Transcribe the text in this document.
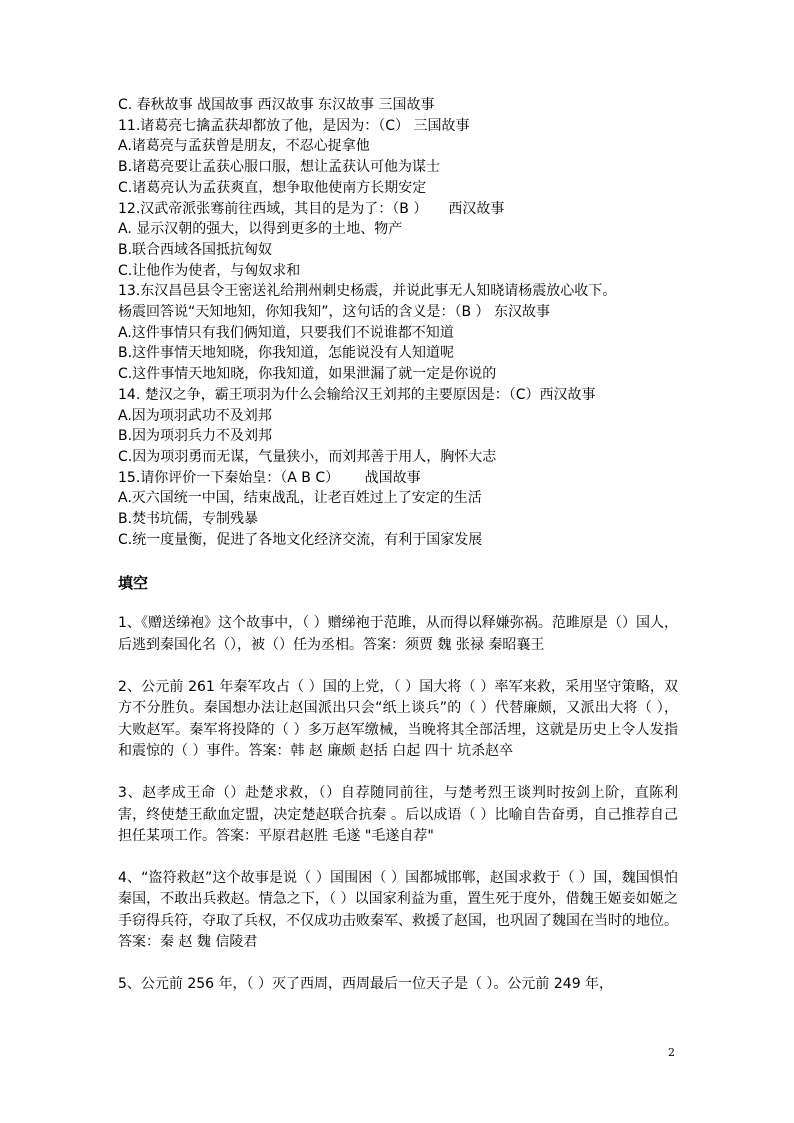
C. 春秋故事 战国故事 西汉故事 东汉故事 三国故事
11.诸葛亮七擒孟获却都放了他，是因为：（C） 三国故事
A.诸葛亮与孟获曾是朋友，不忍心捉拿他
B.诸葛亮要让孟获心服口服，想让孟获认可他为谋士
C.诸葛亮认为孟获爽直，想争取他使南方长期安定
12.汉武帝派张骞前往西域，其目的是为了：（B ）　　西汉故事
A. 显示汉朝的强大，以得到更多的土地、物产
B.联合西域各国抵抗匈奴
C.让他作为使者，与匈奴求和
13.东汉昌邑县令王密送礼给荆州刺史杨震，并说此事无人知晓请杨震放心收下。
杨震回答说“天知地知，你知我知”，这句话的含义是：（B ） 东汉故事
A.这件事情只有我们俩知道，只要我们不说谁都不知道
B.这件事情天地知晓，你我知道，怎能说没有人知道呢
C.这件事情天地知晓，你我知道，如果泄漏了就一定是你说的
14. 楚汉之争，霸王项羽为什么会输给汉王刘邦的主要原因是：（C）西汉故事
A.因为项羽武功不及刘邦
B.因为项羽兵力不及刘邦
C.因为项羽勇而无谋，气量狭小，而刘邦善于用人，胸怀大志
15.请你评价一下秦始皇：（A B C）　　 战国故事
A.灭六国统一中国，结束战乱，让老百姓过上了安定的生活
B.焚书坑儒，专制残暴
C.统一度量衡，促进了各地文化经济交流，有利于国家发展
填空
1、《赠送绨袍》这个故事中，（ ）赠绨袍于范雎，从而得以释嫌弥祸。范雎原是（）国人，后逃到秦国化名（），被（）任为丞相。答案：须贾 魏 张禄 秦昭襄王
2、公元前 261 年秦军攻占（ ）国的上党，（ ）国大将（ ）率军来救，采用坚守策略，双方不分胜负。秦国想办法让赵国派出只会“纸上谈兵”的（ ）代替廉颇，又派出大将（ ），大败赵军。秦军将投降的（ ）多万赵军缴械，当晚将其全部活埋，这就是历史上令人发指和震惊的（ ）事件。答案：韩 赵 廉颇 赵括 白起 四十 坑杀赵卒
3、赵孝成王命（）赴楚求救，（）自荐随同前往，与楚考烈王谈判时按剑上阶，直陈利害，终使楚王歃血定盟，决定楚赵联合抗秦 。后以成语（ ）比喻自告奋勇，自己推荐自己担任某项工作。答案：平原君赵胜 毛遂 "毛遂自荐"
4、“盗符救赵”这个故事是说（ ）国围困（ ）国都城邯郸，赵国求救于（ ）国，魏国惧怕秦国，不敢出兵救赵。情急之下，（ ）以国家利益为重，置生死于度外，借魏王姬妾如姬之手窃得兵符，夺取了兵权，不仅成功击败秦军、救援了赵国，也巩固了魏国在当时的地位。答案：秦 赵 魏 信陵君
5、公元前 256 年，（ ）灭了西周，西周最后一位天子是（ ）。公元前 249 年，
2
